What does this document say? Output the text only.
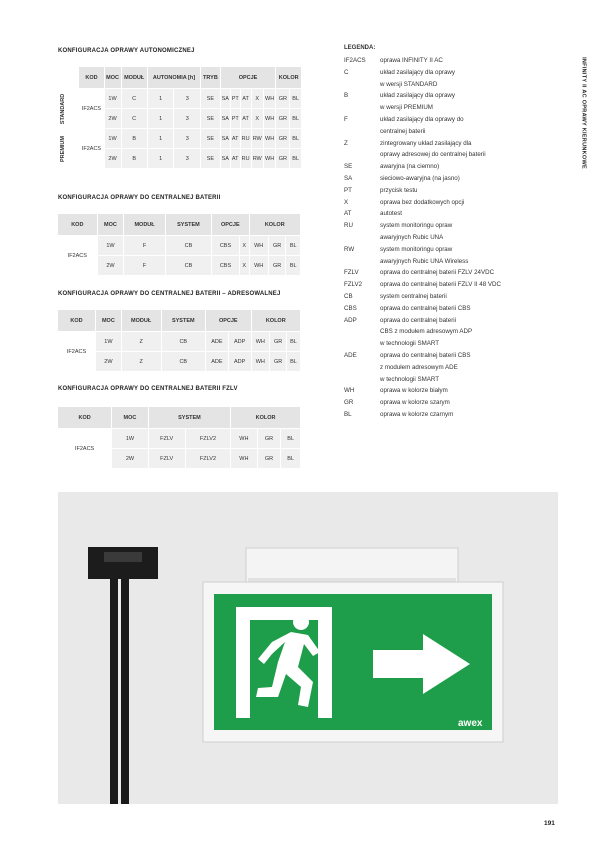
INFINITY II AC OPRAWY KIERUNKOWE
KONFIGURACJA OPRAWY AUTONOMICZNEJ
	KOD	MOC	MODUŁ	AUTONOMIA [h]		TRYB	OPCJE					KOLOR	

STANDARD	IF2ACS	1W	C	1	3	SE	SA	PT	AT	X	WH	GR	BL
		2W	C	1	3	SE	SA	PT	AT	X	WH	GR	BL

PREMIUM	IF2ACS	1W	B	1	3	SE	SA	AT	RU	RW	WH	GR	BL
		2W	B	1	3	SE	SA	AT	RU	RW	WH	GR	BL
KONFIGURACJA OPRAWY DO CENTRALNEJ BATERII
KOD	MOC	MODUŁ	SYSTEM	OPCJE		KOLOR		
IF2ACS	1W	F	CB	CBS	X	WH	GR	BL
	2W	F	CB	CBS	X	WH	GR	BL
KONFIGURACJA OPRAWY DO CENTRALNEJ BATERII – ADRESOWALNEJ
KOD	MOC	MODUŁ	SYSTEM	OPCJE		KOLOR		
IF2ACS	1W	Z	CB	ADE	ADP	WH	GR	BL
	2W	Z	CB	ADE	ADP	WH	GR	BL
KONFIGURACJA OPRAWY DO CENTRALNEJ BATERII FZLV
KOD	MOC	SYSTEM		KOLOR		
IF2ACS	1W	FZLV	FZLV2	WH	GR	BL
	2W	FZLV	FZLV2	WH	GR	BL
LEGENDA:
IF2ACS	oprawa INFINITY II AC
C	układ zasilający dla oprawy
w wersji STANDARD
B	układ zasilający dla oprawy
w wersji PREMIUM
F	układ zasilający dla oprawy do
centralnej baterii
Z	zintegrowany układ zasilający dla
oprawy adresowej do centralnej baterii
SE	awaryjna (na ciemno)
SA	sieciowo-awaryjna (na jasno)
PT	przycisk testu
X	oprawa bez dodatkowych opcji
AT	autotest
RU	system monitoringu opraw
awaryjnych Rubic UNA
RW	system monitoringu opraw
awaryjnych Rubic UNA Wireless
FZLV	oprawa do centralnej baterii FZLV 24VDC
FZLV2	oprawa do centralnej baterii FZLV II 48 VDC
CB	system centralnej baterii
CBS	oprawa do centralnej baterii CBS
ADP	oprawa do centralnej baterii
CBS z modułem adresowym ADP
w technologii SMART
ADE	oprawa do centralnej baterii CBS
z modułem adresowym ADE
w technologii SMART
WH	oprawa w kolorze białym
GR	oprawa w kolorze szarym
BL	oprawa w kolorze czarnym
awex
191
